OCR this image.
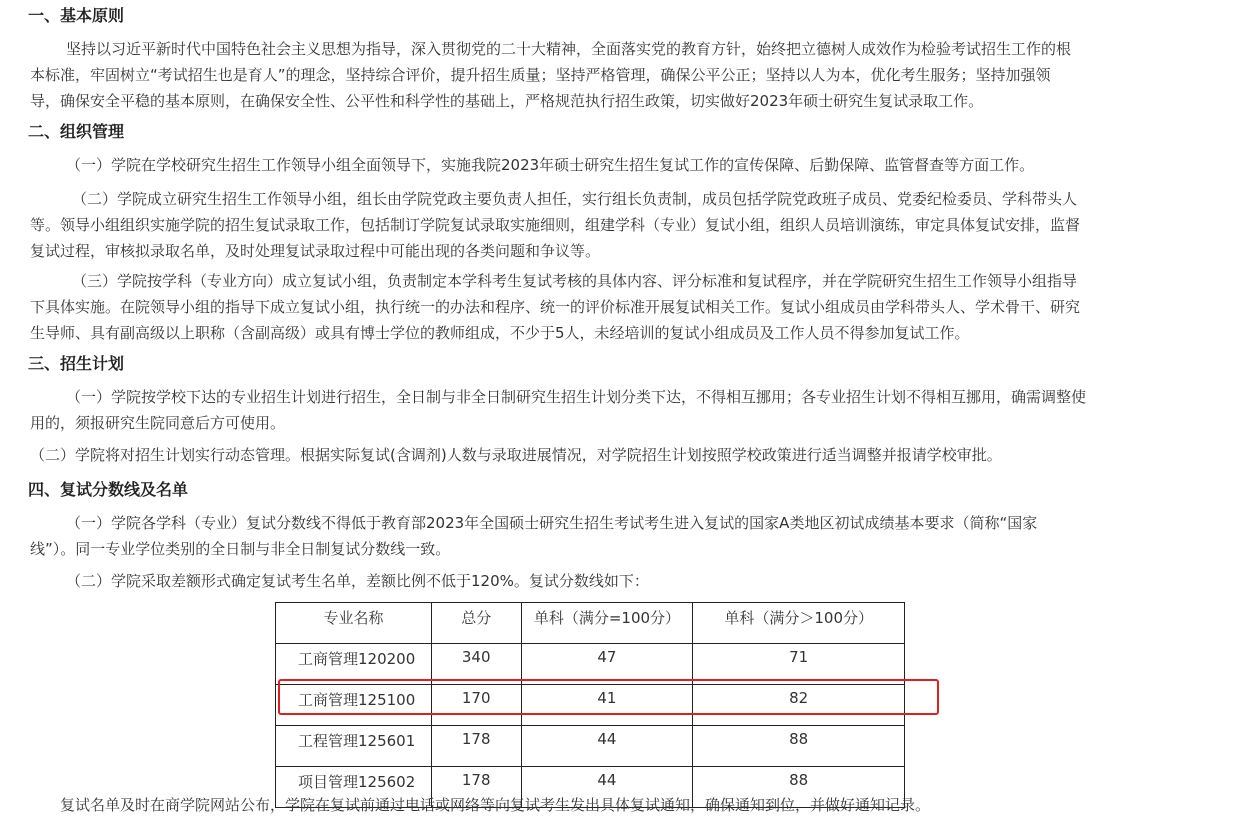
一、基本原则
坚持以习近平新时代中国特色社会主义思想为指导，深入贯彻党的二十大精神，全面落实党的教育方针，始终把立德树人成效作为检验考试招生工作的根
本标准，牢固树立“考试招生也是育人”的理念，坚持综合评价，提升招生质量；坚持严格管理，确保公平公正；坚持以人为本，优化考生服务；坚持加强领
导，确保安全平稳的基本原则，在确保安全性、公平性和科学性的基础上，严格规范执行招生政策，切实做好2023年硕士研究生复试录取工作。
二、组织管理
（一）学院在学校研究生招生工作领导小组全面领导下，实施我院2023年硕士研究生招生复试工作的宣传保障、后勤保障、监管督查等方面工作。
（二）学院成立研究生招生工作领导小组，组长由学院党政主要负责人担任，实行组长负责制，成员包括学院党政班子成员、党委纪检委员、学科带头人
等。领导小组组织实施学院的招生复试录取工作，包括制订学院复试录取实施细则，组建学科（专业）复试小组，组织人员培训演练，审定具体复试安排，监督
复试过程，审核拟录取名单，及时处理复试录取过程中可能出现的各类问题和争议等。
（三）学院按学科（专业方向）成立复试小组，负责制定本学科考生复试考核的具体内容、评分标准和复试程序，并在学院研究生招生工作领导小组指导
下具体实施。在院领导小组的指导下成立复试小组，执行统一的办法和程序、统一的评价标准开展复试相关工作。复试小组成员由学科带头人、学术骨干、研究
生导师、具有副高级以上职称（含副高级）或具有博士学位的教师组成，不少于5人，未经培训的复试小组成员及工作人员不得参加复试工作。
三、招生计划
（一）学院按学校下达的专业招生计划进行招生，全日制与非全日制研究生招生计划分类下达，不得相互挪用；各专业招生计划不得相互挪用，确需调整使
用的，须报研究生院同意后方可使用。
（二）学院将对招生计划实行动态管理。根据实际复试(含调剂)人数与录取进展情况，对学院招生计划按照学校政策进行适当调整并报请学校审批。
四、复试分数线及名单
（一）学院各学科（专业）复试分数线不得低于教育部2023年全国硕士研究生招生考试考生进入复试的国家A类地区初试成绩基本要求（简称“国家
线”）。同一专业学位类别的全日制与非全日制复试分数线一致。
（二）学院采取差额形式确定复试考生名单，差额比例不低于120%。复试分数线如下：
专业名称	总分	单科（满分=100分）	单科（满分＞100分）
工商管理120200	340	47	71
工商管理125100	170	41	82
工程管理125601	178	44	88
项目管理125602	178	44	88
复试名单及时在商学院网站公布，学院在复试前通过电话或网络等向复试考生发出具体复试通知，确保通知到位，并做好通知记录。
